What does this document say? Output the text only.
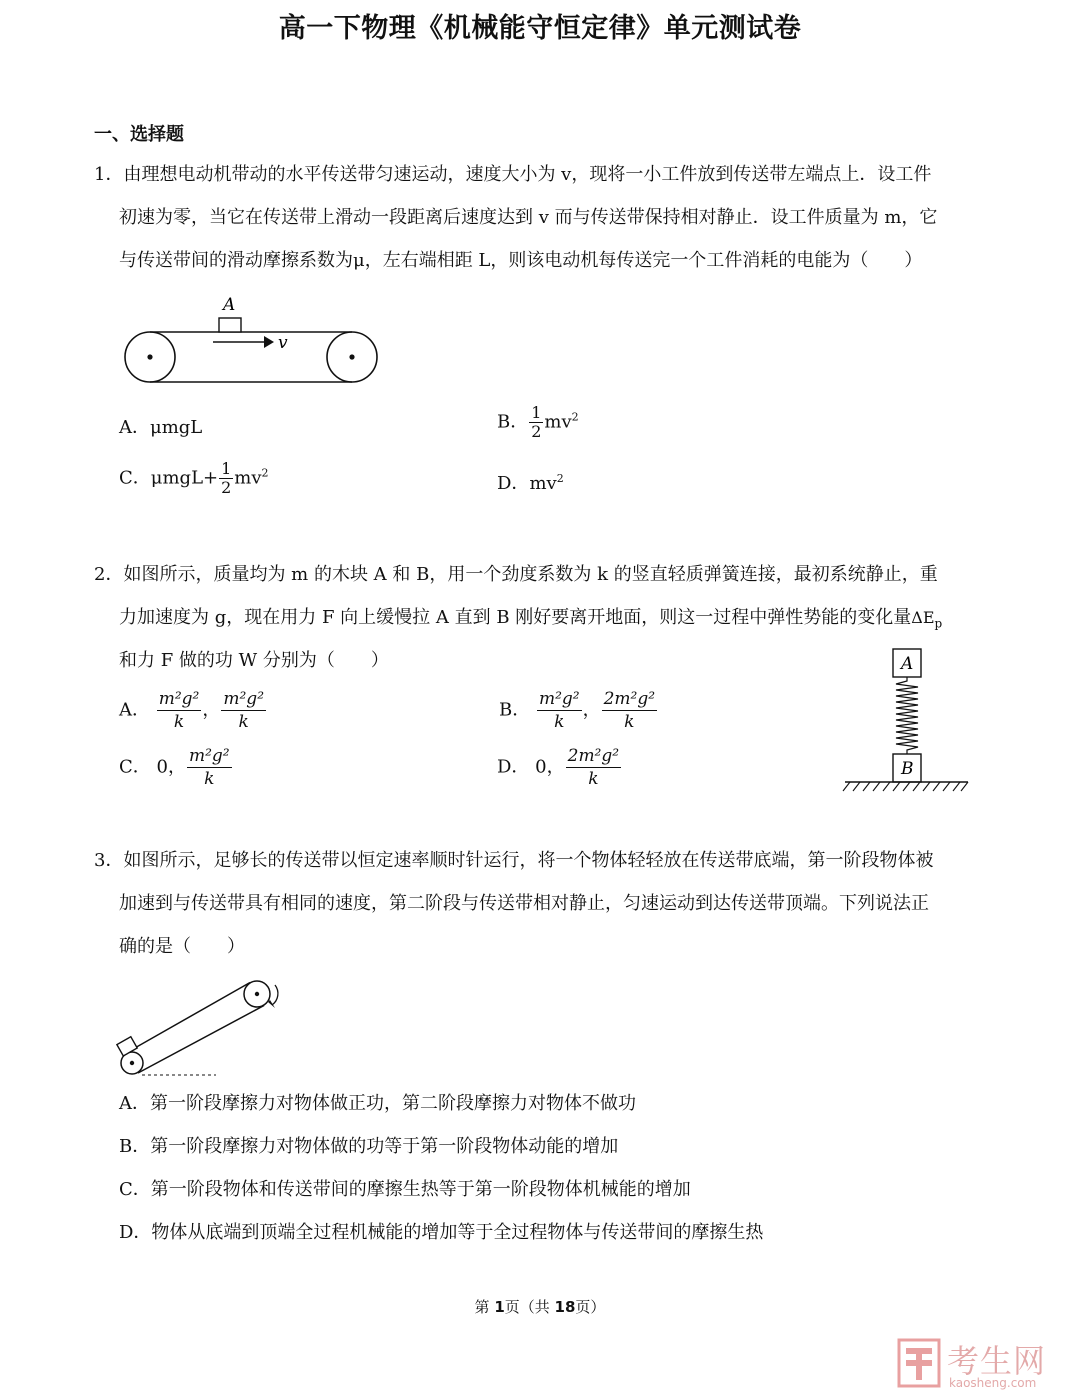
高一下物理《机械能守恒定律》单元测试卷
一、选择题
1．由理想电动机带动的水平传送带匀速运动，速度大小为 v，现将一小工件放到传送带左端点上．设工件
初速为零，当它在传送带上滑动一段距离后速度达到 v 而与传送带保持相对静止．设工件质量为 m，它
与传送带间的滑动摩擦系数为μ，左右端相距 L，则该电动机每传送完一个工件消耗的电能为（　　）
A
v
A．μmgL	B． $\frac{1}{2} mv^2$
C．$\mu mgL+ \frac{1}{2} mv^2$	D．$mv^2$
2．如图所示，质量均为 m 的木块 A 和 B，用一个劲度系数为 k 的竖直轻质弹簧连接，最初系统静止，重
力加速度为 g，现在用力 F 向上缓慢拉 A 直到 B 刚好要离开地面，则这一过程中弹性势能的变化量$\Delta E_p$
和力 F 做的功 W 分别为（　　）	A
B
A． $\frac{\text{m²g²}}{k}$ ， $\frac{\text{m²g²}}{k}$	B． $\frac{\text{m²g²}}{k}$ ， $\frac{\text{2m²g²}}{k}$
C． 0， $\frac{\text{m²g²}}{k}$	D． 0， $\frac{\text{2m²g²}}{k}$
3．如图所示，足够长的传送带以恒定速率顺时针运行，将一个物体轻轻放在传送带底端，第一阶段物体被
加速到与传送带具有相同的速度，第二阶段与传送带相对静止，匀速运动到达传送带顶端。下列说法正
确的是（　　）
A．第一阶段摩擦力对物体做正功，第二阶段摩擦力对物体不做功
B．第一阶段摩擦力对物体做的功等于第一阶段物体动能的增加
C．第一阶段物体和传送带间的摩擦生热等于第一阶段物体机械能的增加
D．物体从底端到顶端全过程机械能的增加等于全过程物体与传送带间的摩擦生热
第 1页（共 18页）
考生网
kaosheng.com
